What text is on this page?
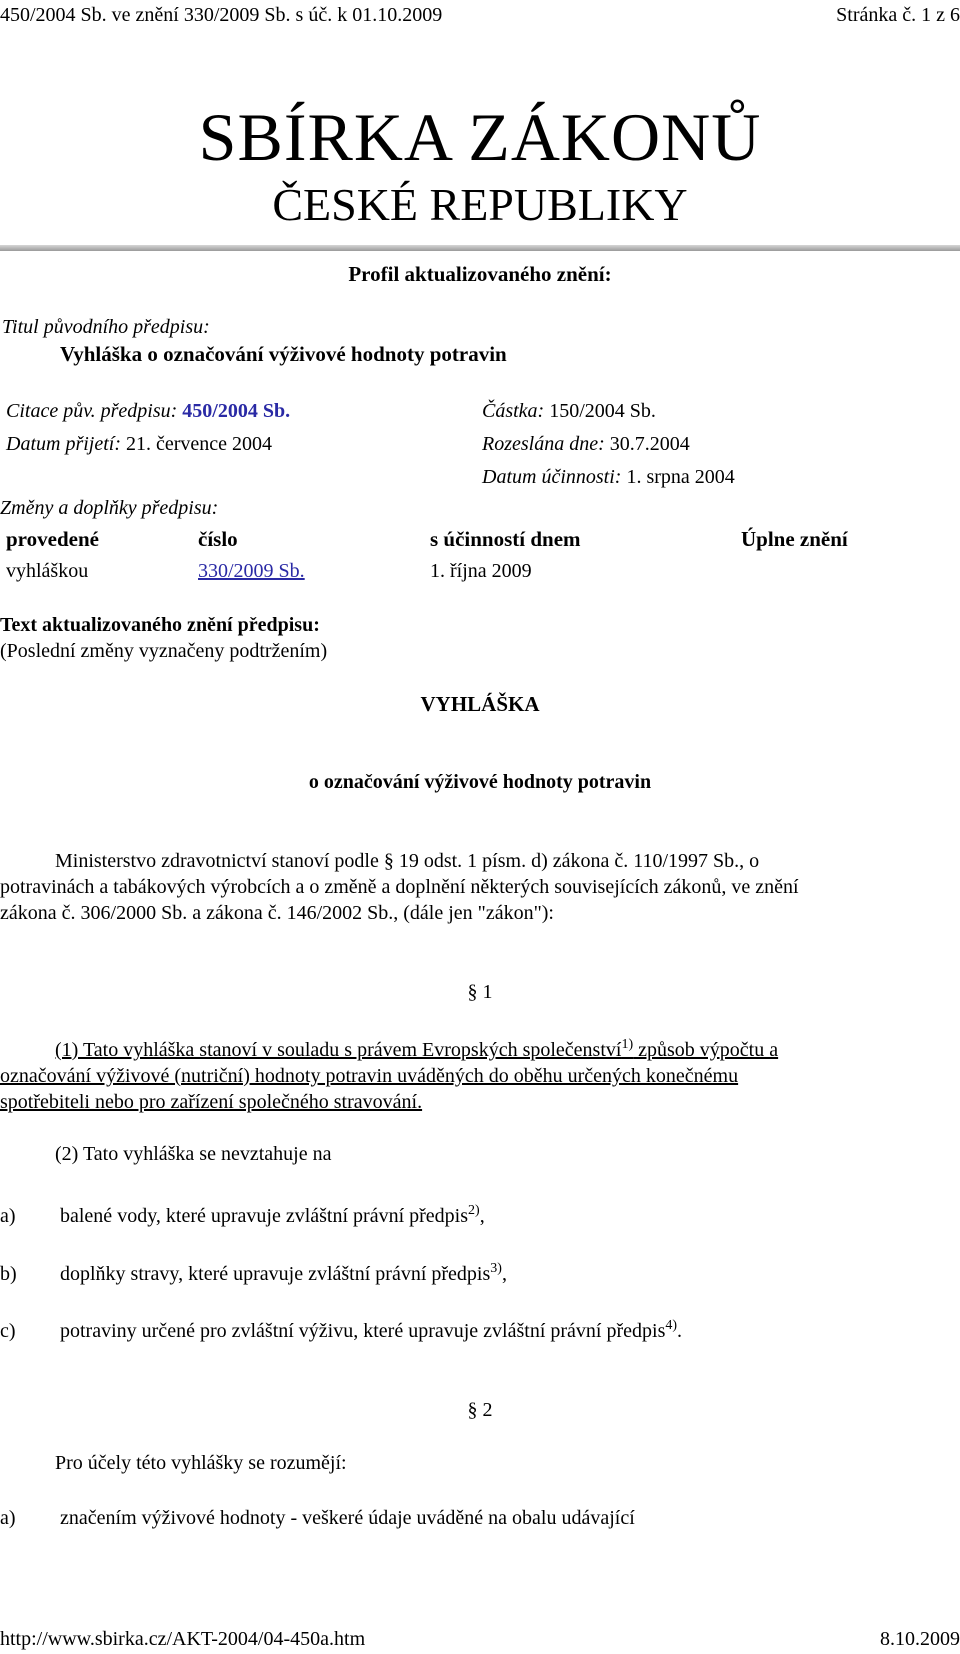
450/2004 Sb. ve znění 330/2009 Sb. s úč. k 01.10.2009	Stránka č. 1 z 6
SBÍRKA ZÁKONŮ
ČESKÉ REPUBLIKY
Profil aktualizovaného znění:
Titul původního předpisu:
Vyhláška o označování výživové hodnoty potravin
Citace pův. předpisu: 450/2004 Sb.	Částka: 150/2004 Sb.
Datum přijetí: 21. července 2004	Rozeslána dne: 30.7.2004
Datum účinnosti: 1. srpna 2004
Změny a doplňky předpisu:
provedené	číslo	s účinností dnem	Úplne znění
vyhláškou	330/2009 Sb.	1. října 2009
Text aktualizovaného znění předpisu:
(Poslední změny vyznačeny podtržením)
VYHLÁŠKA
o označování výživové hodnoty potravin
Ministerstvo zdravotnictví stanoví podle § 19 odst. 1 písm. d) zákona č. 110/1997 Sb., o
potravinách a tabákových výrobcích a o změně a doplnění některých souvisejících zákonů, ve znění
zákona č. 306/2000 Sb. a zákona č. 146/2002 Sb., (dále jen "zákon"):
§ 1
(1) Tato vyhláška stanoví v souladu s právem Evropských společenství$^{1)}$ způsob výpočtu a
označování výživové (nutriční) hodnoty potravin uváděných do oběhu určených konečnému
spotřebiteli nebo pro zařízení společného stravování.
(2) Tato vyhláška se nevztahuje na
a) balené vody, které upravuje zvláštní právní předpis$^{2)}$,
b) doplňky stravy, které upravuje zvláštní právní předpis$^{3)}$,
c) potraviny určené pro zvláštní výživu, které upravuje zvláštní právní předpis$^{4)}$.
§ 2
Pro účely této vyhlášky se rozumějí:
a) značením výživové hodnoty - veškeré údaje uváděné na obalu udávající
http://www.sbirka.cz/AKT-2004/04-450a.htm	8.10.2009
